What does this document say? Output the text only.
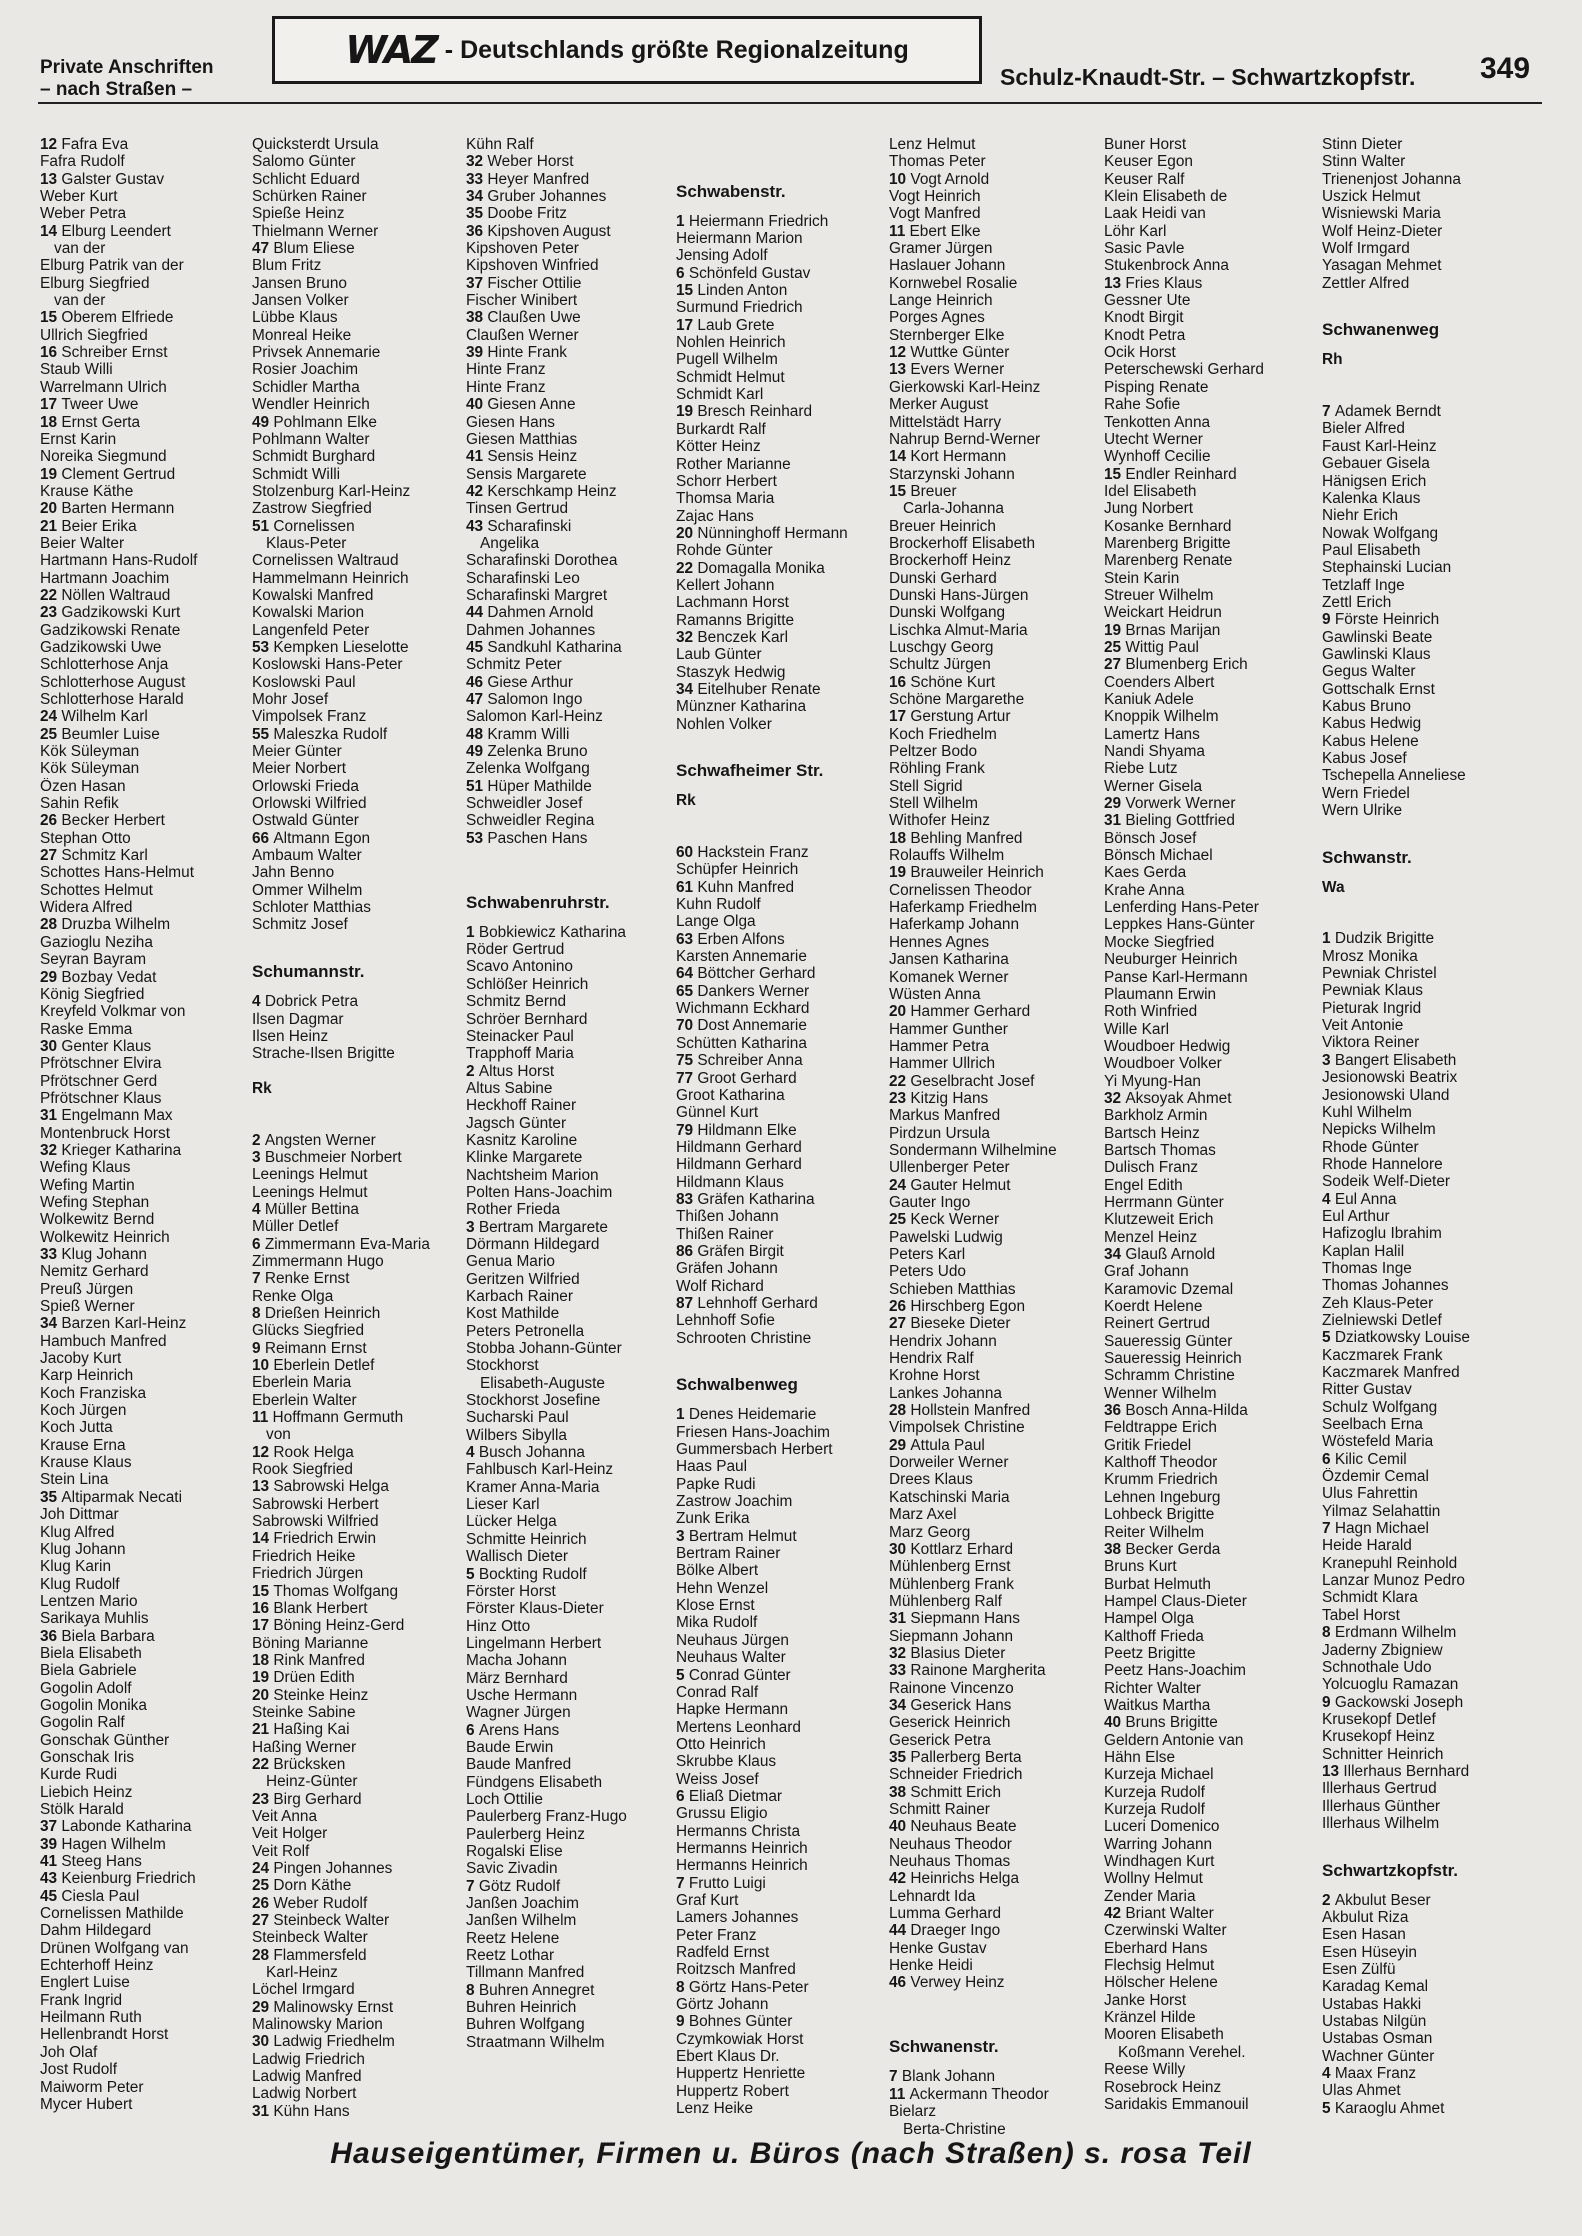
Private Anschriften
– nach Straßen –
WAZ - Deutschlands größte Regionalzeitung
Schulz-Knaudt-Str. – Schwartzkopfstr. 349
12 Fafra Eva
Fafra Rudolf
13 Galster Gustav
Weber Kurt
Weber Petra
14 Elburg Leendert
van der
Elburg Patrik van der
Elburg Siegfried
van der
15 Oberem Elfriede
Ullrich Siegfried
16 Schreiber Ernst
Staub Willi
Warrelmann Ulrich
17 Tweer Uwe
18 Ernst Gerta
Ernst Karin
Noreika Siegmund
19 Clement Gertrud
Krause Käthe
20 Barten Hermann
21 Beier Erika
Beier Walter
Hartmann Hans-Rudolf
Hartmann Joachim
22 Nöllen Waltraud
23 Gadzikowski Kurt
Gadzikowski Renate
Gadzikowski Uwe
Schlotterhose Anja
Schlotterhose August
Schlotterhose Harald
24 Wilhelm Karl
25 Beumler Luise
Kök Süleyman
Kök Süleyman
Özen Hasan
Sahin Refik
26 Becker Herbert
Stephan Otto
27 Schmitz Karl
Schottes Hans-Helmut
Schottes Helmut
Widera Alfred
28 Druzba Wilhelm
Gazioglu Neziha
Seyran Bayram
29 Bozbay Vedat
König Siegfried
Kreyfeld Volkmar von
Raske Emma
30 Genter Klaus
Pfrötschner Elvira
Pfrötschner Gerd
Pfrötschner Klaus
31 Engelmann Max
Montenbruck Horst
32 Krieger Katharina
Wefing Klaus
Wefing Martin
Wefing Stephan
Wolkewitz Bernd
Wolkewitz Heinrich
33 Klug Johann
Nemitz Gerhard
Preuß Jürgen
Spieß Werner
34 Barzen Karl-Heinz
Hambuch Manfred
Jacoby Kurt
Karp Heinrich
Koch Franziska
Koch Jürgen
Koch Jutta
Krause Erna
Krause Klaus
Stein Lina
35 Altiparmak Necati
Joh Dittmar
Klug Alfred
Klug Johann
Klug Karin
Klug Rudolf
Lentzen Mario
Sarikaya Muhlis
36 Biela Barbara
Biela Elisabeth
Biela Gabriele
Gogolin Adolf
Gogolin Monika
Gogolin Ralf
Gonschak Günther
Gonschak Iris
Kurde Rudi
Liebich Heinz
Stölk Harald
37 Labonde Katharina
39 Hagen Wilhelm
41 Steeg Hans
43 Keienburg Friedrich
45 Ciesla Paul
Cornelissen Mathilde
Dahm Hildegard
Drünen Wolfgang van
Echterhoff Heinz
Englert Luise
Frank Ingrid
Heilmann Ruth
Hellenbrandt Horst
Joh Olaf
Jost Rudolf
Maiworm Peter
Mycer Hubert
Quicksterdt Ursula
Salomo Günter
Schlicht Eduard
Schürken Rainer
Spieße Heinz
Thielmann Werner
47 Blum Eliese
Blum Fritz
Jansen Bruno
Jansen Volker
Lübbe Klaus
Monreal Heike
Privsek Annemarie
Rosier Joachim
Schidler Martha
Wendler Heinrich
49 Pohlmann Elke
Pohlmann Walter
Schmidt Burghard
Schmidt Willi
Stolzenburg Karl-Heinz
Zastrow Siegfried
51 Cornelissen
Klaus-Peter
Cornelissen Waltraud
Hammelmann Heinrich
Kowalski Manfred
Kowalski Marion
Langenfeld Peter
53 Kempken Lieselotte
Koslowski Hans-Peter
Koslowski Paul
Mohr Josef
Vimpolsek Franz
55 Maleszka Rudolf
Meier Günter
Meier Norbert
Orlowski Frieda
Orlowski Wilfried
Ostwald Günter
66 Altmann Egon
Ambaum Walter
Jahn Benno
Ommer Wilhelm
Schloter Matthias
Schmitz Josef
Schumannstr.
4 Dobrick Petra
Ilsen Dagmar
Ilsen Heinz
Strache-Ilsen Brigitte
Rk
2 Angsten Werner
3 Buschmeier Norbert
Leenings Helmut
Leenings Helmut
4 Müller Bettina
Müller Detlef
6 Zimmermann Eva-Maria
Zimmermann Hugo
7 Renke Ernst
Renke Olga
8 Drießen Heinrich
Glücks Siegfried
9 Reimann Ernst
10 Eberlein Detlef
Eberlein Maria
Eberlein Walter
11 Hoffmann Germuth
von
12 Rook Helga
Rook Siegfried
13 Sabrowski Helga
Sabrowski Herbert
Sabrowski Wilfried
14 Friedrich Erwin
Friedrich Heike
Friedrich Jürgen
15 Thomas Wolfgang
16 Blank Herbert
17 Böning Heinz-Gerd
Böning Marianne
18 Rink Manfred
19 Drüen Edith
20 Steinke Heinz
Steinke Sabine
21 Haßing Kai
Haßing Werner
22 Brücksken
Heinz-Günter
23 Birg Gerhard
Veit Anna
Veit Holger
Veit Rolf
24 Pingen Johannes
25 Dorn Käthe
26 Weber Rudolf
27 Steinbeck Walter
Steinbeck Walter
28 Flammersfeld
Karl-Heinz
Löchel Irmgard
29 Malinowsky Ernst
Malinowsky Marion
30 Ladwig Friedhelm
Ladwig Friedrich
Ladwig Manfred
Ladwig Norbert
31 Kühn Hans
Kühn Ralf
32 Weber Horst
33 Heyer Manfred
34 Gruber Johannes
35 Doobe Fritz
36 Kipshoven August
Kipshoven Peter
Kipshoven Winfried
37 Fischer Ottilie
Fischer Winibert
38 Claußen Uwe
Claußen Werner
39 Hinte Frank
Hinte Franz
Hinte Franz
40 Giesen Anne
Giesen Hans
Giesen Matthias
41 Sensis Heinz
Sensis Margarete
42 Kerschkamp Heinz
Tinsen Gertrud
43 Scharafinski
Angelika
Scharafinski Dorothea
Scharafinski Leo
Scharafinski Margret
44 Dahmen Arnold
Dahmen Johannes
45 Sandkuhl Katharina
Schmitz Peter
46 Giese Arthur
47 Salomon Ingo
Salomon Karl-Heinz
48 Kramm Willi
49 Zelenka Bruno
Zelenka Wolfgang
51 Hüper Mathilde
Schweidler Josef
Schweidler Regina
53 Paschen Hans
Schwabenruhrstr.
1 Bobkiewicz Katharina
Röder Gertrud
Scavo Antonino
Schlößer Heinrich
Schmitz Bernd
Schröer Bernhard
Steinacker Paul
Trapphoff Maria
2 Altus Horst
Altus Sabine
Heckhoff Rainer
Jagsch Günter
Kasnitz Karoline
Klinke Margarete
Nachtsheim Marion
Polten Hans-Joachim
Rother Frieda
3 Bertram Margarete
Dörmann Hildegard
Genua Mario
Geritzen Wilfried
Karbach Rainer
Kost Mathilde
Peters Petronella
Stobba Johann-Günter
Stockhorst
Elisabeth-Auguste
Stockhorst Josefine
Sucharski Paul
Wilbers Sibylla
4 Busch Johanna
Fahlbusch Karl-Heinz
Kramer Anna-Maria
Lieser Karl
Lücker Helga
Schmitte Heinrich
Wallisch Dieter
5 Bockting Rudolf
Förster Horst
Förster Klaus-Dieter
Hinz Otto
Lingelmann Herbert
Macha Johann
März Bernhard
Usche Hermann
Wagner Jürgen
6 Arens Hans
Baude Erwin
Baude Manfred
Fündgens Elisabeth
Loch Ottilie
Paulerberg Franz-Hugo
Paulerberg Heinz
Rogalski Elise
Savic Zivadin
7 Götz Rudolf
Janßen Joachim
Janßen Wilhelm
Reetz Helene
Reetz Lothar
Tillmann Manfred
8 Buhren Annegret
Buhren Heinrich
Buhren Wolfgang
Straatmann Wilhelm
Schwabenstr.
1 Heiermann Friedrich
Heiermann Marion
Jensing Adolf
6 Schönfeld Gustav
15 Linden Anton
Surmund Friedrich
17 Laub Grete
Nohlen Heinrich
Pugell Wilhelm
Schmidt Helmut
Schmidt Karl
19 Bresch Reinhard
Burkardt Ralf
Kötter Heinz
Rother Marianne
Schorr Herbert
Thomsa Maria
Zajac Hans
20 Nünninghoff Hermann
Rohde Günter
22 Domagalla Monika
Kellert Johann
Lachmann Horst
Ramanns Brigitte
32 Benczek Karl
Laub Günter
Staszyk Hedwig
34 Eitelhuber Renate
Münzner Katharina
Nohlen Volker
Schwafheimer Str.
Rk
60 Hackstein Franz
Schüpfer Heinrich
61 Kuhn Manfred
Kuhn Rudolf
Lange Olga
63 Erben Alfons
Karsten Annemarie
64 Böttcher Gerhard
65 Dankers Werner
Wichmann Eckhard
70 Dost Annemarie
Schütten Katharina
75 Schreiber Anna
77 Groot Gerhard
Groot Katharina
Günnel Kurt
79 Hildmann Elke
Hildmann Gerhard
Hildmann Gerhard
Hildmann Klaus
83 Gräfen Katharina
Thißen Johann
Thißen Rainer
86 Gräfen Birgit
Gräfen Johann
Wolf Richard
87 Lehnhoff Gerhard
Lehnhoff Sofie
Schrooten Christine
Schwalbenweg
1 Denes Heidemarie
Friesen Hans-Joachim
Gummersbach Herbert
Haas Paul
Papke Rudi
Zastrow Joachim
Zunk Erika
3 Bertram Helmut
Bertram Rainer
Bölke Albert
Hehn Wenzel
Klose Ernst
Mika Rudolf
Neuhaus Jürgen
Neuhaus Walter
5 Conrad Günter
Conrad Ralf
Hapke Hermann
Mertens Leonhard
Otto Heinrich
Skrubbe Klaus
Weiss Josef
6 Eliaß Dietmar
Grussu Eligio
Hermanns Christa
Hermanns Heinrich
Hermanns Heinrich
7 Frutto Luigi
Graf Kurt
Lamers Johannes
Peter Franz
Radfeld Ernst
Roitzsch Manfred
8 Görtz Hans-Peter
Görtz Johann
9 Bohnes Günter
Czymkowiak Horst
Ebert Klaus Dr.
Huppertz Henriette
Huppertz Robert
Lenz Heike
Lenz Helmut
Thomas Peter
10 Vogt Arnold
Vogt Heinrich
Vogt Manfred
11 Ebert Elke
Gramer Jürgen
Haslauer Johann
Kornwebel Rosalie
Lange Heinrich
Porges Agnes
Sternberger Elke
12 Wuttke Günter
13 Evers Werner
Gierkowski Karl-Heinz
Merker August
Mittelstädt Harry
Nahrup Bernd-Werner
14 Kort Hermann
Starzynski Johann
15 Breuer
Carla-Johanna
Breuer Heinrich
Brockerhoff Elisabeth
Brockerhoff Heinz
Dunski Gerhard
Dunski Hans-Jürgen
Dunski Wolfgang
Lischka Almut-Maria
Luschgy Georg
Schultz Jürgen
16 Schöne Kurt
Schöne Margarethe
17 Gerstung Artur
Koch Friedhelm
Peltzer Bodo
Röhling Frank
Stell Sigrid
Stell Wilhelm
Withofer Heinz
18 Behling Manfred
Rolauffs Wilhelm
19 Brauweiler Heinrich
Cornelissen Theodor
Haferkamp Friedhelm
Haferkamp Johann
Hennes Agnes
Jansen Katharina
Komanek Werner
Wüsten Anna
20 Hammer Gerhard
Hammer Gunther
Hammer Petra
Hammer Ullrich
22 Geselbracht Josef
23 Kitzig Hans
Markus Manfred
Pirdzun Ursula
Sondermann Wilhelmine
Ullenberger Peter
24 Gauter Helmut
Gauter Ingo
25 Keck Werner
Pawelski Ludwig
Peters Karl
Peters Udo
Schieben Matthias
26 Hirschberg Egon
27 Bieseke Dieter
Hendrix Johann
Hendrix Ralf
Krohne Horst
Lankes Johanna
28 Hollstein Manfred
Vimpolsek Christine
29 Attula Paul
Dorweiler Werner
Drees Klaus
Katschinski Maria
Marz Axel
Marz Georg
30 Kottlarz Erhard
Mühlenberg Ernst
Mühlenberg Frank
Mühlenberg Ralf
31 Siepmann Hans
Siepmann Johann
32 Blasius Dieter
33 Rainone Margherita
Rainone Vincenzo
34 Geserick Hans
Geserick Heinrich
Geserick Petra
35 Pallerberg Berta
Schneider Friedrich
38 Schmitt Erich
Schmitt Rainer
40 Neuhaus Beate
Neuhaus Theodor
Neuhaus Thomas
42 Heinrichs Helga
Lehnardt Ida
Lumma Gerhard
44 Draeger Ingo
Henke Gustav
Henke Heidi
46 Verwey Heinz
Schwanenstr.
7 Blank Johann
11 Ackermann Theodor
Bielarz
Berta-Christine
Buner Horst
Keuser Egon
Keuser Ralf
Klein Elisabeth de
Laak Heidi van
Löhr Karl
Sasic Pavle
Stukenbrock Anna
13 Fries Klaus
Gessner Ute
Knodt Birgit
Knodt Petra
Ocik Horst
Peterschewski Gerhard
Pisping Renate
Rahe Sofie
Tenkotten Anna
Utecht Werner
Wynhoff Cecilie
15 Endler Reinhard
Idel Elisabeth
Jung Norbert
Kosanke Bernhard
Marenberg Brigitte
Marenberg Renate
Stein Karin
Streuer Wilhelm
Weickart Heidrun
19 Brnas Marijan
25 Wittig Paul
27 Blumenberg Erich
Coenders Albert
Kaniuk Adele
Knoppik Wilhelm
Lamertz Hans
Nandi Shyama
Riebe Lutz
Werner Gisela
29 Vorwerk Werner
31 Bieling Gottfried
Bönsch Josef
Bönsch Michael
Kaes Gerda
Krahe Anna
Lenferding Hans-Peter
Leppkes Hans-Günter
Mocke Siegfried
Neuburger Heinrich
Panse Karl-Hermann
Plaumann Erwin
Roth Winfried
Wille Karl
Woudboer Hedwig
Woudboer Volker
Yi Myung-Han
32 Aksoyak Ahmet
Barkholz Armin
Bartsch Heinz
Bartsch Thomas
Dulisch Franz
Engel Edith
Herrmann Günter
Klutzeweit Erich
Menzel Heinz
34 Glauß Arnold
Graf Johann
Karamovic Dzemal
Koerdt Helene
Reinert Gertrud
Saueressig Günter
Saueressig Heinrich
Schramm Christine
Wenner Wilhelm
36 Bosch Anna-Hilda
Feldtrappe Erich
Gritik Friedel
Kalthoff Theodor
Krumm Friedrich
Lehnen Ingeburg
Lohbeck Brigitte
Reiter Wilhelm
38 Becker Gerda
Bruns Kurt
Burbat Helmuth
Hampel Claus-Dieter
Hampel Olga
Kalthoff Frieda
Peetz Brigitte
Peetz Hans-Joachim
Richter Walter
Waitkus Martha
40 Bruns Brigitte
Geldern Antonie van
Hähn Else
Kurzeja Michael
Kurzeja Rudolf
Kurzeja Rudolf
Luceri Domenico
Warring Johann
Windhagen Kurt
Wollny Helmut
Zender Maria
42 Briant Walter
Czerwinski Walter
Eberhard Hans
Flechsig Helmut
Hölscher Helene
Janke Horst
Kränzel Hilde
Mooren Elisabeth
Koßmann Verehel.
Reese Willy
Rosebrock Heinz
Saridakis Emmanouil
Stinn Dieter
Stinn Walter
Trienenjost Johanna
Uszick Helmut
Wisniewski Maria
Wolf Heinz-Dieter
Wolf Irmgard
Yasagan Mehmet
Zettler Alfred
Schwanenweg
Rh
7 Adamek Berndt
Bieler Alfred
Faust Karl-Heinz
Gebauer Gisela
Hänigsen Erich
Kalenka Klaus
Niehr Erich
Nowak Wolfgang
Paul Elisabeth
Stephainski Lucian
Tetzlaff Inge
Zettl Erich
9 Förste Heinrich
Gawlinski Beate
Gawlinski Klaus
Gegus Walter
Gottschalk Ernst
Kabus Bruno
Kabus Hedwig
Kabus Helene
Kabus Josef
Tschepella Anneliese
Wern Friedel
Wern Ulrike
Schwanstr.
Wa
1 Dudzik Brigitte
Mrosz Monika
Pewniak Christel
Pewniak Klaus
Pieturak Ingrid
Veit Antonie
Viktora Reiner
3 Bangert Elisabeth
Jesionowski Beatrix
Jesionowski Uland
Kuhl Wilhelm
Nepicks Wilhelm
Rhode Günter
Rhode Hannelore
Sodeik Welf-Dieter
4 Eul Anna
Eul Arthur
Hafizoglu Ibrahim
Kaplan Halil
Thomas Inge
Thomas Johannes
Zeh Klaus-Peter
Zielniewski Detlef
5 Dziatkowsky Louise
Kaczmarek Frank
Kaczmarek Manfred
Ritter Gustav
Schulz Wolfgang
Seelbach Erna
Wöstefeld Maria
6 Kilic Cemil
Özdemir Cemal
Ulus Fahrettin
Yilmaz Selahattin
7 Hagn Michael
Heide Harald
Kranepuhl Reinhold
Lanzar Munoz Pedro
Schmidt Klara
Tabel Horst
8 Erdmann Wilhelm
Jaderny Zbigniew
Schnothale Udo
Yolcuoglu Ramazan
9 Gackowski Joseph
Krusekopf Detlef
Krusekopf Heinz
Schnitter Heinrich
13 Illerhaus Bernhard
Illerhaus Gertrud
Illerhaus Günther
Illerhaus Wilhelm
Schwartzkopfstr.
2 Akbulut Beser
Akbulut Riza
Esen Hasan
Esen Hüseyin
Esen Zülfü
Karadag Kemal
Ustabas Hakki
Ustabas Nilgün
Ustabas Osman
Wachner Günter
4 Maax Franz
Ulas Ahmet
5 Karaoglu Ahmet
Hauseigentümer, Firmen u. Büros (nach Straßen) s. rosa Teil
